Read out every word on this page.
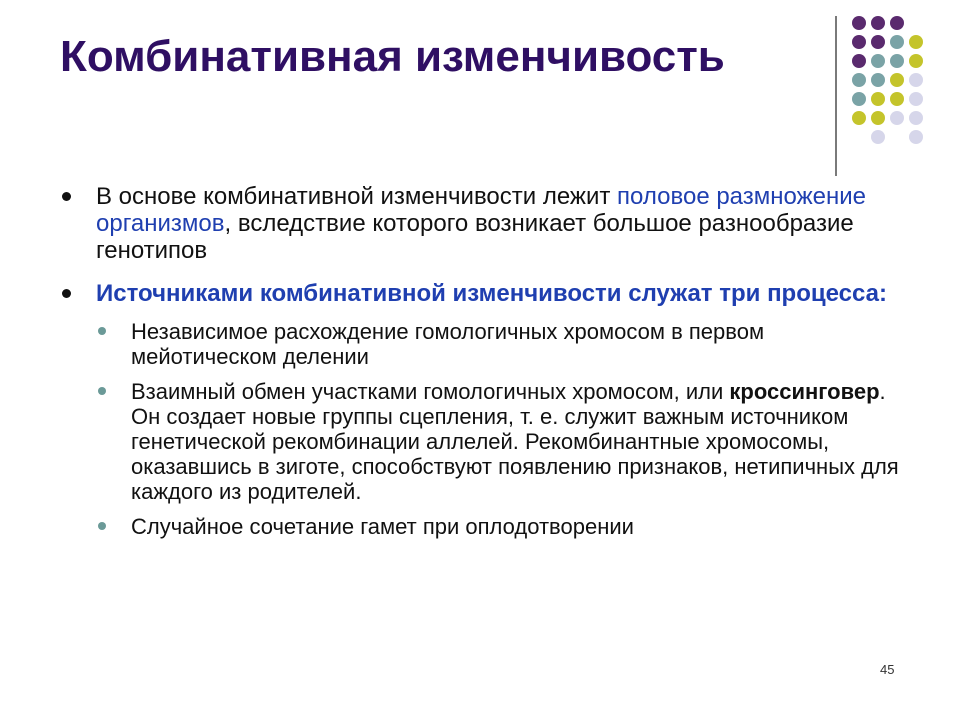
Комбинативная изменчивость
В основе комбинативной изменчивости лежит половое размножение организмов, вследствие которого возникает большое разнообразие генотипов
Источниками комбинативной изменчивости служат три процесса:
Независимое расхождение гомологичных хромосом в первом мейотическом делении
Взаимный обмен участками гомологичных хромосом, или кроссинговер. Он создает новые группы сцепления, т. е. служит важным источником генетической рекомбинации аллелей. Рекомбинантные хромосомы, оказавшись в зиготе, способствуют появлению признаков, нетипичных для каждого из родителей.
Случайное сочетание гамет при оплодотворении
45
